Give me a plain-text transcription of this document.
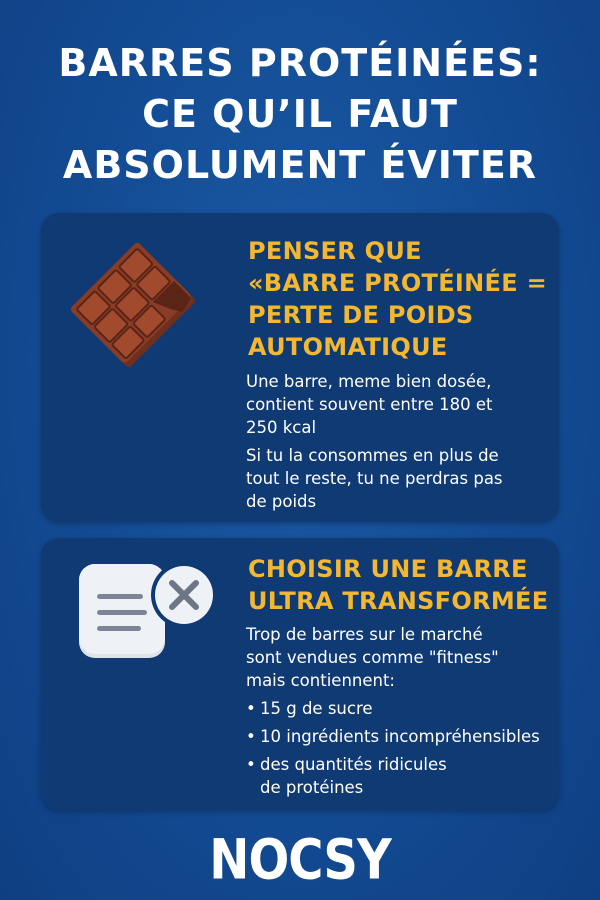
BARRES PROTÉINÉES:
CE QU’IL FAUT
ABSOLUMENT ÉVITER
PENSER QUE
«BARRE PROTÉINÉE =
PERTE DE POIDS
AUTOMATIQUE
Une barre, meme bien dosée,
contient souvent entre 180 et
250 kcal
Si tu la consommes en plus de
tout le reste, tu ne perdras pas
de poids
CHOISIR UNE BARRE
ULTRA TRANSFORMÉE
Trop de barres sur le marché
sont vendues comme "fitness"
mais contiennent:
• 15 g de sucre
• 10 ingrédients incompréhensibles
• des quantités ridicules
de protéines
NOCSY
